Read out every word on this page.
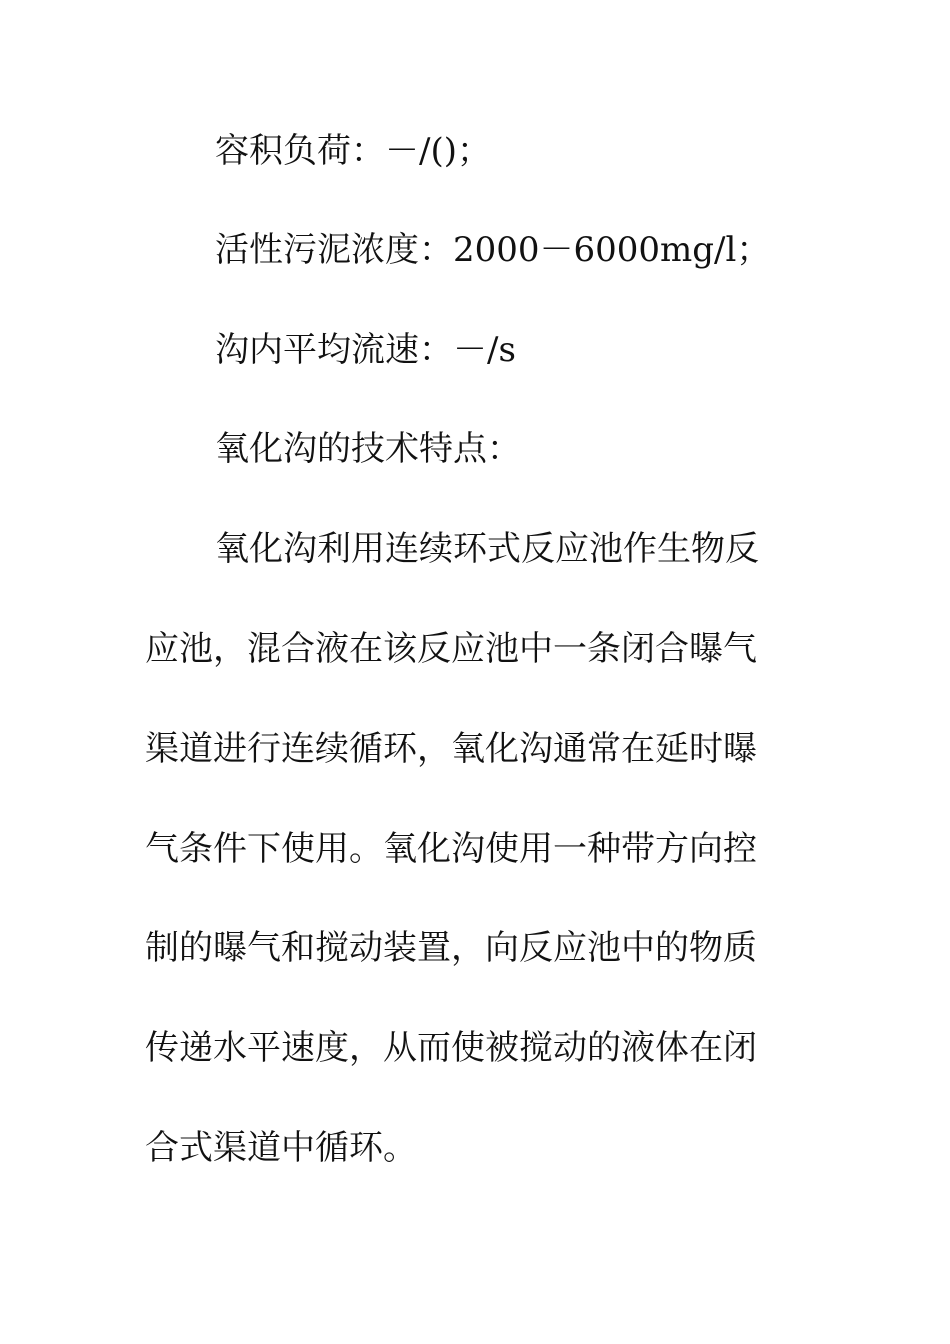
容积负荷：－/()；
活性污泥浓度：2000－6000mg/l；
沟内平均流速：－/s
氧化沟的技术特点：
氧化沟利用连续环式反应池作生物反
应池，混合液在该反应池中一条闭合曝气
渠道进行连续循环，氧化沟通常在延时曝
气条件下使用。氧化沟使用一种带方向控
制的曝气和搅动装置，向反应池中的物质
传递水平速度，从而使被搅动的液体在闭
合式渠道中循环。
